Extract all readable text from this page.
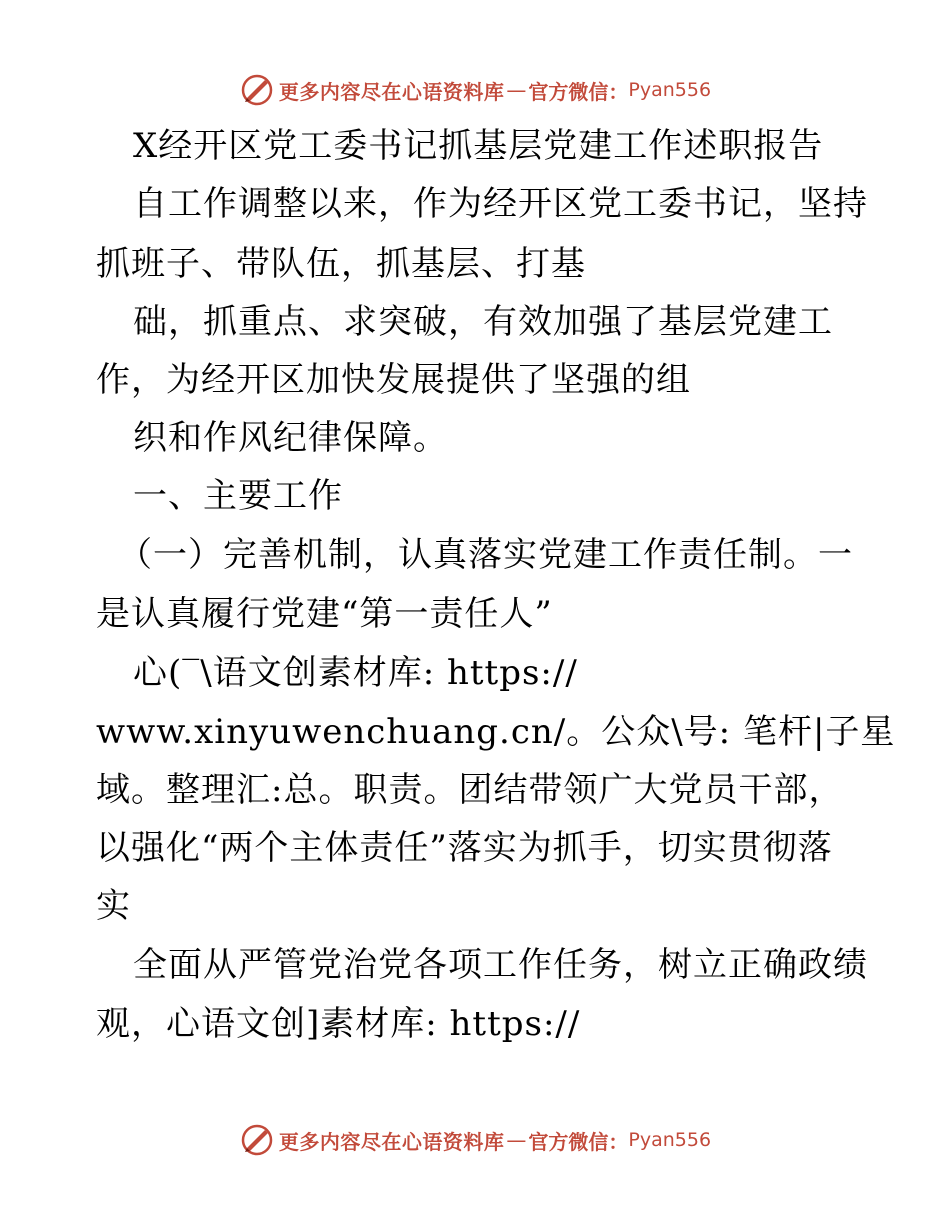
更多内容尽在心语资料库 — 官方微信： Pyan556
X经开区党工委书记抓基层党建工作述职报告
自工作调整以来，作为经开区党工委书记，坚持
抓班子、带队伍，抓基层、打基
础，抓重点、求突破，有效加强了基层党建工
作，为经开区加快发展提供了坚强的组
织和作风纪律保障。
一、主要工作
（一）完善机制，认真落实党建工作责任制。一
是认真履行党建“第一责任人”
心(‾\语文创素材库: https://
www.xinyuwenchuang.cn/。公众\号: 笔杆|子星
域。整理汇:总。职责。团结带领广大党员干部，
以强化“两个主体责任”落实为抓手，切实贯彻落
实
全面从严管党治党各项工作任务，树立正确政绩
观，心语文创]素材库: https://
更多内容尽在心语资料库 — 官方微信： Pyan556
